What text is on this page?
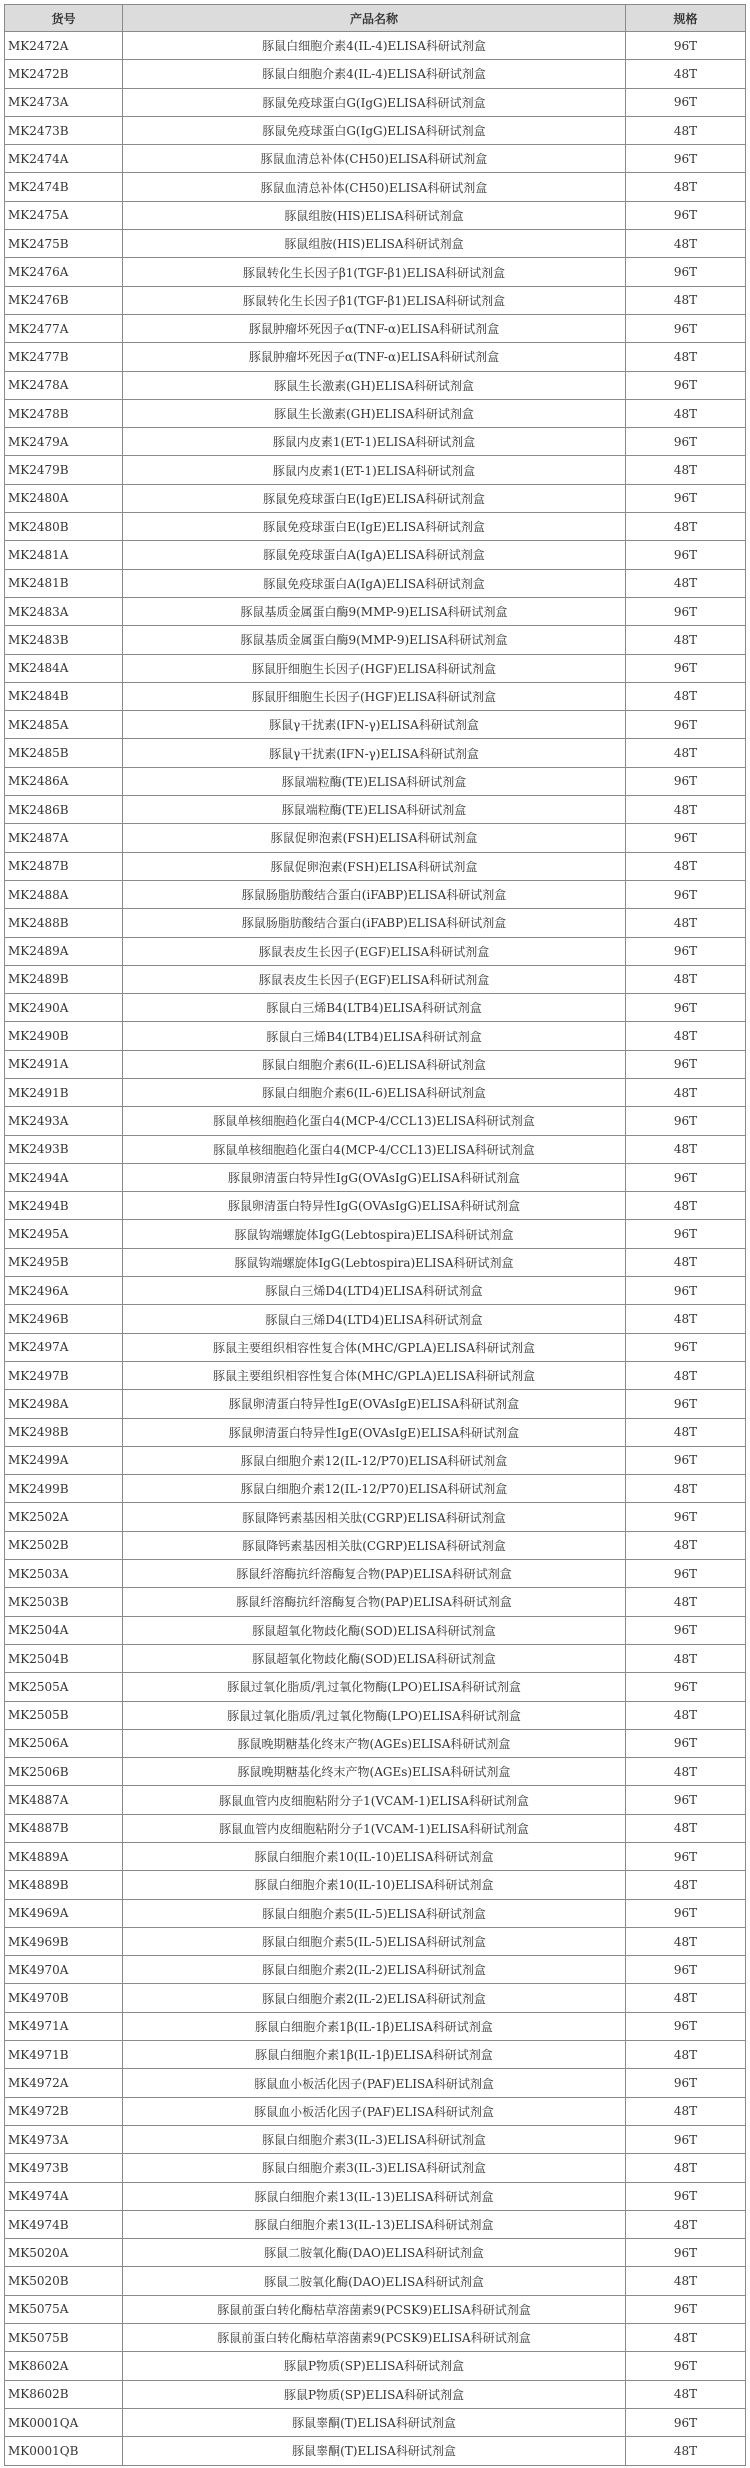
货号	产品名称	规格
MK2472A	豚鼠白细胞介素4(IL-4)ELISA科研试剂盒	96T
MK2472B	豚鼠白细胞介素4(IL-4)ELISA科研试剂盒	48T
MK2473A	豚鼠免疫球蛋白G(IgG)ELISA科研试剂盒	96T
MK2473B	豚鼠免疫球蛋白G(IgG)ELISA科研试剂盒	48T
MK2474A	豚鼠血清总补体(CH50)ELISA科研试剂盒	96T
MK2474B	豚鼠血清总补体(CH50)ELISA科研试剂盒	48T
MK2475A	豚鼠组胺(HIS)ELISA科研试剂盒	96T
MK2475B	豚鼠组胺(HIS)ELISA科研试剂盒	48T
MK2476A	豚鼠转化生长因子β1(TGF-β1)ELISA科研试剂盒	96T
MK2476B	豚鼠转化生长因子β1(TGF-β1)ELISA科研试剂盒	48T
MK2477A	豚鼠肿瘤坏死因子α(TNF-α)ELISA科研试剂盒	96T
MK2477B	豚鼠肿瘤坏死因子α(TNF-α)ELISA科研试剂盒	48T
MK2478A	豚鼠生长激素(GH)ELISA科研试剂盒	96T
MK2478B	豚鼠生长激素(GH)ELISA科研试剂盒	48T
MK2479A	豚鼠内皮素1(ET-1)ELISA科研试剂盒	96T
MK2479B	豚鼠内皮素1(ET-1)ELISA科研试剂盒	48T
MK2480A	豚鼠免疫球蛋白E(IgE)ELISA科研试剂盒	96T
MK2480B	豚鼠免疫球蛋白E(IgE)ELISA科研试剂盒	48T
MK2481A	豚鼠免疫球蛋白A(IgA)ELISA科研试剂盒	96T
MK2481B	豚鼠免疫球蛋白A(IgA)ELISA科研试剂盒	48T
MK2483A	豚鼠基质金属蛋白酶9(MMP-9)ELISA科研试剂盒	96T
MK2483B	豚鼠基质金属蛋白酶9(MMP-9)ELISA科研试剂盒	48T
MK2484A	豚鼠肝细胞生长因子(HGF)ELISA科研试剂盒	96T
MK2484B	豚鼠肝细胞生长因子(HGF)ELISA科研试剂盒	48T
MK2485A	豚鼠γ干扰素(IFN-γ)ELISA科研试剂盒	96T
MK2485B	豚鼠γ干扰素(IFN-γ)ELISA科研试剂盒	48T
MK2486A	豚鼠端粒酶(TE)ELISA科研试剂盒	96T
MK2486B	豚鼠端粒酶(TE)ELISA科研试剂盒	48T
MK2487A	豚鼠促卵泡素(FSH)ELISA科研试剂盒	96T
MK2487B	豚鼠促卵泡素(FSH)ELISA科研试剂盒	48T
MK2488A	豚鼠肠脂肪酸结合蛋白(iFABP)ELISA科研试剂盒	96T
MK2488B	豚鼠肠脂肪酸结合蛋白(iFABP)ELISA科研试剂盒	48T
MK2489A	豚鼠表皮生长因子(EGF)ELISA科研试剂盒	96T
MK2489B	豚鼠表皮生长因子(EGF)ELISA科研试剂盒	48T
MK2490A	豚鼠白三烯B4(LTB4)ELISA科研试剂盒	96T
MK2490B	豚鼠白三烯B4(LTB4)ELISA科研试剂盒	48T
MK2491A	豚鼠白细胞介素6(IL-6)ELISA科研试剂盒	96T
MK2491B	豚鼠白细胞介素6(IL-6)ELISA科研试剂盒	48T
MK2493A	豚鼠单核细胞趋化蛋白4(MCP-4/CCL13)ELISA科研试剂盒	96T
MK2493B	豚鼠单核细胞趋化蛋白4(MCP-4/CCL13)ELISA科研试剂盒	48T
MK2494A	豚鼠卵清蛋白特异性IgG(OVAsIgG)ELISA科研试剂盒	96T
MK2494B	豚鼠卵清蛋白特异性IgG(OVAsIgG)ELISA科研试剂盒	48T
MK2495A	豚鼠钩端螺旋体IgG(Lebtospira)ELISA科研试剂盒	96T
MK2495B	豚鼠钩端螺旋体IgG(Lebtospira)ELISA科研试剂盒	48T
MK2496A	豚鼠白三烯D4(LTD4)ELISA科研试剂盒	96T
MK2496B	豚鼠白三烯D4(LTD4)ELISA科研试剂盒	48T
MK2497A	豚鼠主要组织相容性复合体(MHC/GPLA)ELISA科研试剂盒	96T
MK2497B	豚鼠主要组织相容性复合体(MHC/GPLA)ELISA科研试剂盒	48T
MK2498A	豚鼠卵清蛋白特异性IgE(OVAsIgE)ELISA科研试剂盒	96T
MK2498B	豚鼠卵清蛋白特异性IgE(OVAsIgE)ELISA科研试剂盒	48T
MK2499A	豚鼠白细胞介素12(IL-12/P70)ELISA科研试剂盒	96T
MK2499B	豚鼠白细胞介素12(IL-12/P70)ELISA科研试剂盒	48T
MK2502A	豚鼠降钙素基因相关肽(CGRP)ELISA科研试剂盒	96T
MK2502B	豚鼠降钙素基因相关肽(CGRP)ELISA科研试剂盒	48T
MK2503A	豚鼠纤溶酶抗纤溶酶复合物(PAP)ELISA科研试剂盒	96T
MK2503B	豚鼠纤溶酶抗纤溶酶复合物(PAP)ELISA科研试剂盒	48T
MK2504A	豚鼠超氧化物歧化酶(SOD)ELISA科研试剂盒	96T
MK2504B	豚鼠超氧化物歧化酶(SOD)ELISA科研试剂盒	48T
MK2505A	豚鼠过氧化脂质/乳过氧化物酶(LPO)ELISA科研试剂盒	96T
MK2505B	豚鼠过氧化脂质/乳过氧化物酶(LPO)ELISA科研试剂盒	48T
MK2506A	豚鼠晚期糖基化终末产物(AGEs)ELISA科研试剂盒	96T
MK2506B	豚鼠晚期糖基化终末产物(AGEs)ELISA科研试剂盒	48T
MK4887A	豚鼠血管内皮细胞粘附分子1(VCAM-1)ELISA科研试剂盒	96T
MK4887B	豚鼠血管内皮细胞粘附分子1(VCAM-1)ELISA科研试剂盒	48T
MK4889A	豚鼠白细胞介素10(IL-10)ELISA科研试剂盒	96T
MK4889B	豚鼠白细胞介素10(IL-10)ELISA科研试剂盒	48T
MK4969A	豚鼠白细胞介素5(IL-5)ELISA科研试剂盒	96T
MK4969B	豚鼠白细胞介素5(IL-5)ELISA科研试剂盒	48T
MK4970A	豚鼠白细胞介素2(IL-2)ELISA科研试剂盒	96T
MK4970B	豚鼠白细胞介素2(IL-2)ELISA科研试剂盒	48T
MK4971A	豚鼠白细胞介素1β(IL-1β)ELISA科研试剂盒	96T
MK4971B	豚鼠白细胞介素1β(IL-1β)ELISA科研试剂盒	48T
MK4972A	豚鼠血小板活化因子(PAF)ELISA科研试剂盒	96T
MK4972B	豚鼠血小板活化因子(PAF)ELISA科研试剂盒	48T
MK4973A	豚鼠白细胞介素3(IL-3)ELISA科研试剂盒	96T
MK4973B	豚鼠白细胞介素3(IL-3)ELISA科研试剂盒	48T
MK4974A	豚鼠白细胞介素13(IL-13)ELISA科研试剂盒	96T
MK4974B	豚鼠白细胞介素13(IL-13)ELISA科研试剂盒	48T
MK5020A	豚鼠二胺氧化酶(DAO)ELISA科研试剂盒	96T
MK5020B	豚鼠二胺氧化酶(DAO)ELISA科研试剂盒	48T
MK5075A	豚鼠前蛋白转化酶枯草溶菌素9(PCSK9)ELISA科研试剂盒	96T
MK5075B	豚鼠前蛋白转化酶枯草溶菌素9(PCSK9)ELISA科研试剂盒	48T
MK8602A	豚鼠P物质(SP)ELISA科研试剂盒	96T
MK8602B	豚鼠P物质(SP)ELISA科研试剂盒	48T
MK0001QA	豚鼠睾酮(T)ELISA科研试剂盒	96T
MK0001QB	豚鼠睾酮(T)ELISA科研试剂盒	48T
